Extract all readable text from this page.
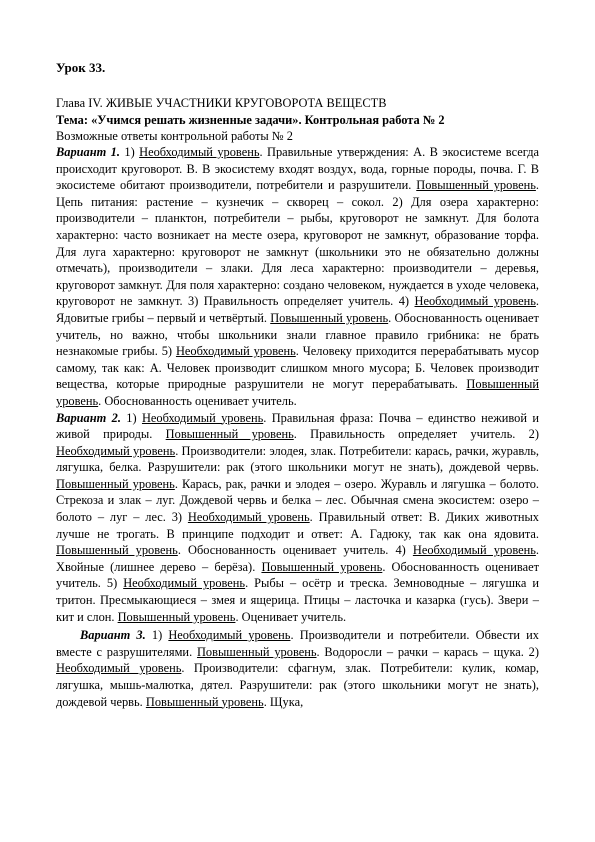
Урок 33.

Глава IV. ЖИВЫЕ УЧАСТНИКИ КРУГОВОРОТА ВЕЩЕСТВ

Тема: «Учимся решать жизненные задачи». Контрольная работа № 2

Возможные ответы контрольной работы № 2

Вариант 1. 1) Необходимый уровень. Правильные утверждения: А. В экосистеме всегда происходит круговорот. В. В экосистему входят воздух, вода, горные породы, почва. Г. В экосистеме обитают производители, потребители и разрушители. Повышенный уровень. Цепь питания: растение – кузнечик – скворец – сокол. 2) Для озера характерно: производители – планктон, потребители – рыбы, круговорот не замкнут. Для болота характерно: часто возникает на месте озера, круговорот не замкнут, образование торфа. Для луга характерно: круговорот не замкнут (школьники это не обязательно должны отмечать), производители – злаки. Для леса характерно: производители – деревья, круговорот замкнут. Для поля характерно: создано человеком, нуждается в уходе человека, круговорот не замкнут. 3) Правильность определяет учитель. 4) Необходимый уровень. Ядовитые грибы – первый и четвёртый. Повышенный уровень. Обоснованность оценивает учитель, но важно, чтобы школьники знали главное правило грибника: не брать незнакомые грибы. 5) Необходимый уровень. Человеку приходится перерабатывать мусор самому, так как: А. Человек производит слишком много мусора; Б. Человек производит вещества, которые природные разрушители не могут перерабатывать. Повышенный уровень. Обоснованность оценивает учитель.

Вариант 2. 1) Необходимый уровень. Правильная фраза: Почва – единство неживой и живой природы. Повышенный уровень. Правильность определяет учитель. 2) Необходимый уровень. Производители: элодея, злак. Потребители: карась, рачки, журавль, лягушка, белка. Разрушители: рак (этого школьники могут не знать), дождевой червь. Повышенный уровень. Карась, рак, рачки и элодея – озеро. Журавль и лягушка – болото. Стрекоза и злак – луг. Дождевой червь и белка – лес. Обычная смена экосистем: озеро – болото – луг – лес. 3) Необходимый уровень. Правильный ответ: В. Диких животных лучше не трогать. В принципе подходит и ответ: А. Гадюку, так как она ядовита. Повышенный уровень. Обоснованность оценивает учитель. 4) Необходимый уровень. Хвойные (лишнее дерево – берёза). Повышенный уровень. Обоснованность оценивает учитель. 5) Необходимый уровень. Рыбы – осётр и треска. Земноводные – лягушка и тритон. Пресмыкающиеся – змея и ящерица. Птицы – ласточка и казарка (гусь). Звери – кит и слон. Повышенный уровень. Оценивает учитель.

Вариант 3. 1) Необходимый уровень. Производители и потребители. Обвести их вместе с разрушителями. Повышенный уровень. Водоросли – рачки – карась – щука. 2) Необходимый уровень. Производители: сфагнум, злак. Потребители: кулик, комар, лягушка, мышь-малютка, дятел. Разрушители: рак (этого школьники могут не знать), дождевой червь. Повышенный уровень. Щука,
